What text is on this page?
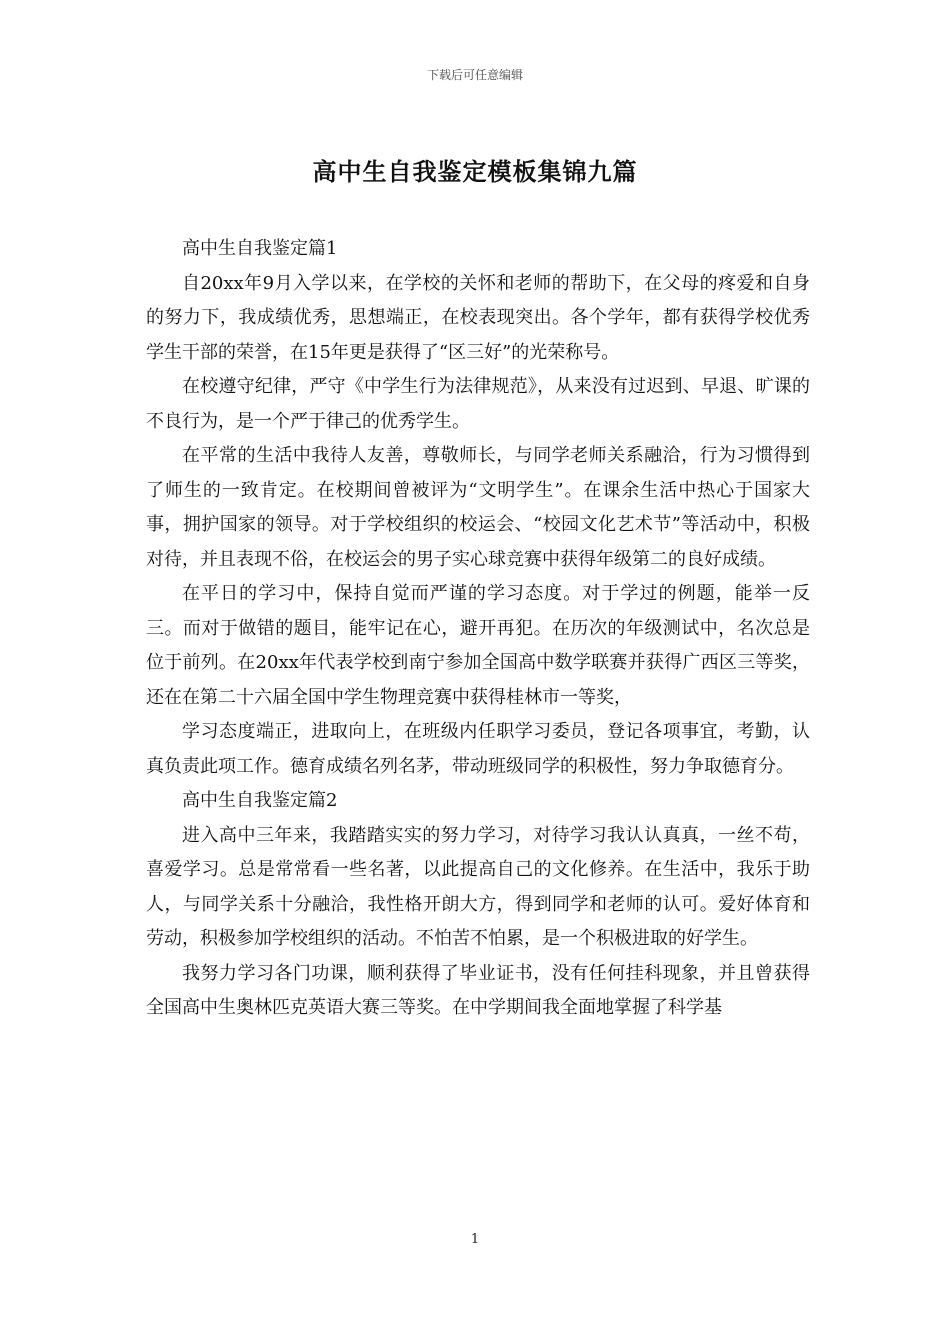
下载后可任意编辑
高中生自我鉴定模板集锦九篇

高中生自我鉴定篇1

自20xx年9月入学以来，在学校的关怀和老师的帮助下，在父母的疼爱和自身的努力下，我成绩优秀，思想端正，在校表现突出。各个学年，都有获得学校优秀学生干部的荣誉，在15年更是获得了“区三好”的光荣称号。

在校遵守纪律，严守《中学生行为法律规范》，从来没有过迟到、早退、旷课的不良行为，是一个严于律己的优秀学生。

在平常的生活中我待人友善，尊敬师长，与同学老师关系融洽，行为习惯得到了师生的一致肯定。在校期间曾被评为“文明学生”。在课余生活中热心于国家大事，拥护国家的领导。对于学校组织的校运会、“校园文化艺术节”等活动中，积极对待，并且表现不俗，在校运会的男子实心球竞赛中获得年级第二的良好成绩。

在平日的学习中，保持自觉而严谨的学习态度。对于学过的例题，能举一反三。而对于做错的题目，能牢记在心，避开再犯。在历次的年级测试中，名次总是位于前列。在20xx年代表学校到南宁参加全国高中数学联赛并获得广西区三等奖，还在在第二十六届全国中学生物理竞赛中获得桂林市一等奖，

学习态度端正，进取向上，在班级内任职学习委员，登记各项事宜，考勤，认真负责此项工作。德育成绩名列名茅，带动班级同学的积极性，努力争取德育分。

高中生自我鉴定篇2

进入高中三年来，我踏踏实实的努力学习，对待学习我认认真真，一丝不苟，喜爱学习。总是常常看一些名著，以此提高自己的文化修养。在生活中，我乐于助人，与同学关系十分融洽，我性格开朗大方，得到同学和老师的认可。爱好体育和劳动，积极参加学校组织的活动。不怕苦不怕累，是一个积极进取的好学生。

我努力学习各门功课，顺利获得了毕业证书，没有任何挂科现象，并且曾获得全国高中生奥林匹克英语大赛三等奖。在中学期间我全面地掌握了科学基

1
